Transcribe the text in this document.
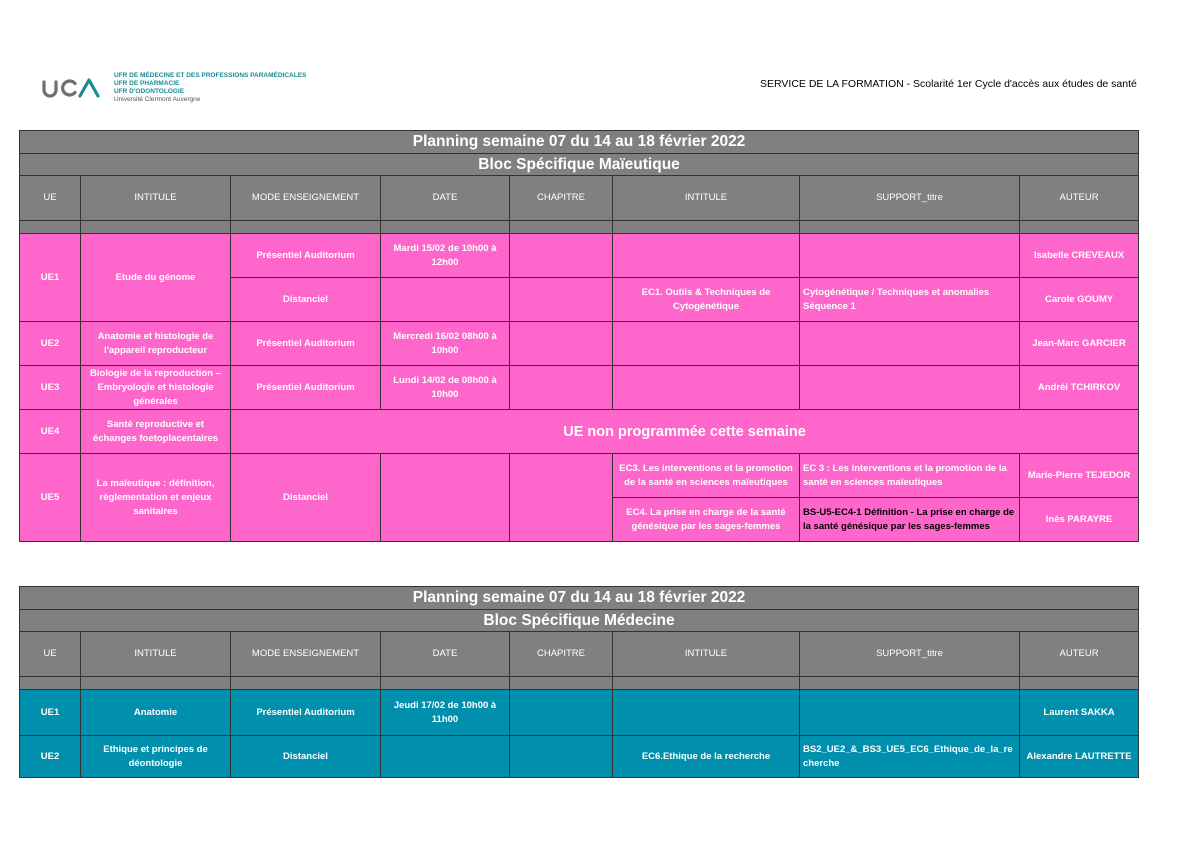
UFR DE MÉDECINE ET DES PROFESSIONS PARAMÉDICALES
UFR DE PHARMACIE
UFR D'ODONTOLOGIE
Université Clermont Auvergne
SERVICE DE LA FORMATION - Scolarité 1er Cycle d'accès aux études de santé
Planning semaine 07 du 14 au 18 février 2022							
Bloc Spécifique Maïeutique							
UE	INTITULE	MODE ENSEIGNEMENT	DATE	CHAPITRE	INTITULE	SUPPORT_titre	AUTEUR

UE1	Etude du génome	Présentiel Auditorium	Mardi 15/02 de 10h00 à 12h00				Isabelle CREVEAUX
		Distanciel			EC1. Outils & Techniques de Cytogénétique	Cytogénétique / Techniques et anomalies Séquence 1	Carole GOUMY
UE2	Anatomie et histologie de l'appareil reproducteur	Présentiel Auditorium	Mercredi 16/02 08h00 à 10h00				Jean-Marc GARCIER
UE3	Biologie de la reproduction – Embryologie et histologie générales	Présentiel Auditorium	Lundi 14/02 de 08h00 à 10h00				Andréi TCHIRKOV
UE4	Santé reproductive et échanges foetoplacentaires	UE non programmée cette semaine					
UE5	La maïeutique : définition, règlementation et enjeux sanitaires	Distanciel			EC3. Les interventions et la promotion de la santé en sciences maïeutiques	EC 3 : Les interventions et la promotion de la santé en sciences maïeutiques	Marie-Pierre TEJEDOR
					EC4. La prise en charge de la santé génésique par les sages-femmes	BS-U5-EC4-1 Définition - La prise en charge de la santé génésique par les sages-femmes	Inès PARAYRE
Planning semaine 07 du 14 au 18 février 2022							
Bloc Spécifique Médecine							
UE	INTITULE	MODE ENSEIGNEMENT	DATE	CHAPITRE	INTITULE	SUPPORT_titre	AUTEUR

UE1	Anatomie	Présentiel Auditorium	Jeudi 17/02 de 10h00 à 11h00				Laurent SAKKA
UE2	Ethique et principes de déontologie	Distanciel			EC6.Ethique de la recherche	BS2_UE2_&_BS3_UE5_EC6_Ethique_de_la_recherche	Alexandre LAUTRETTE
